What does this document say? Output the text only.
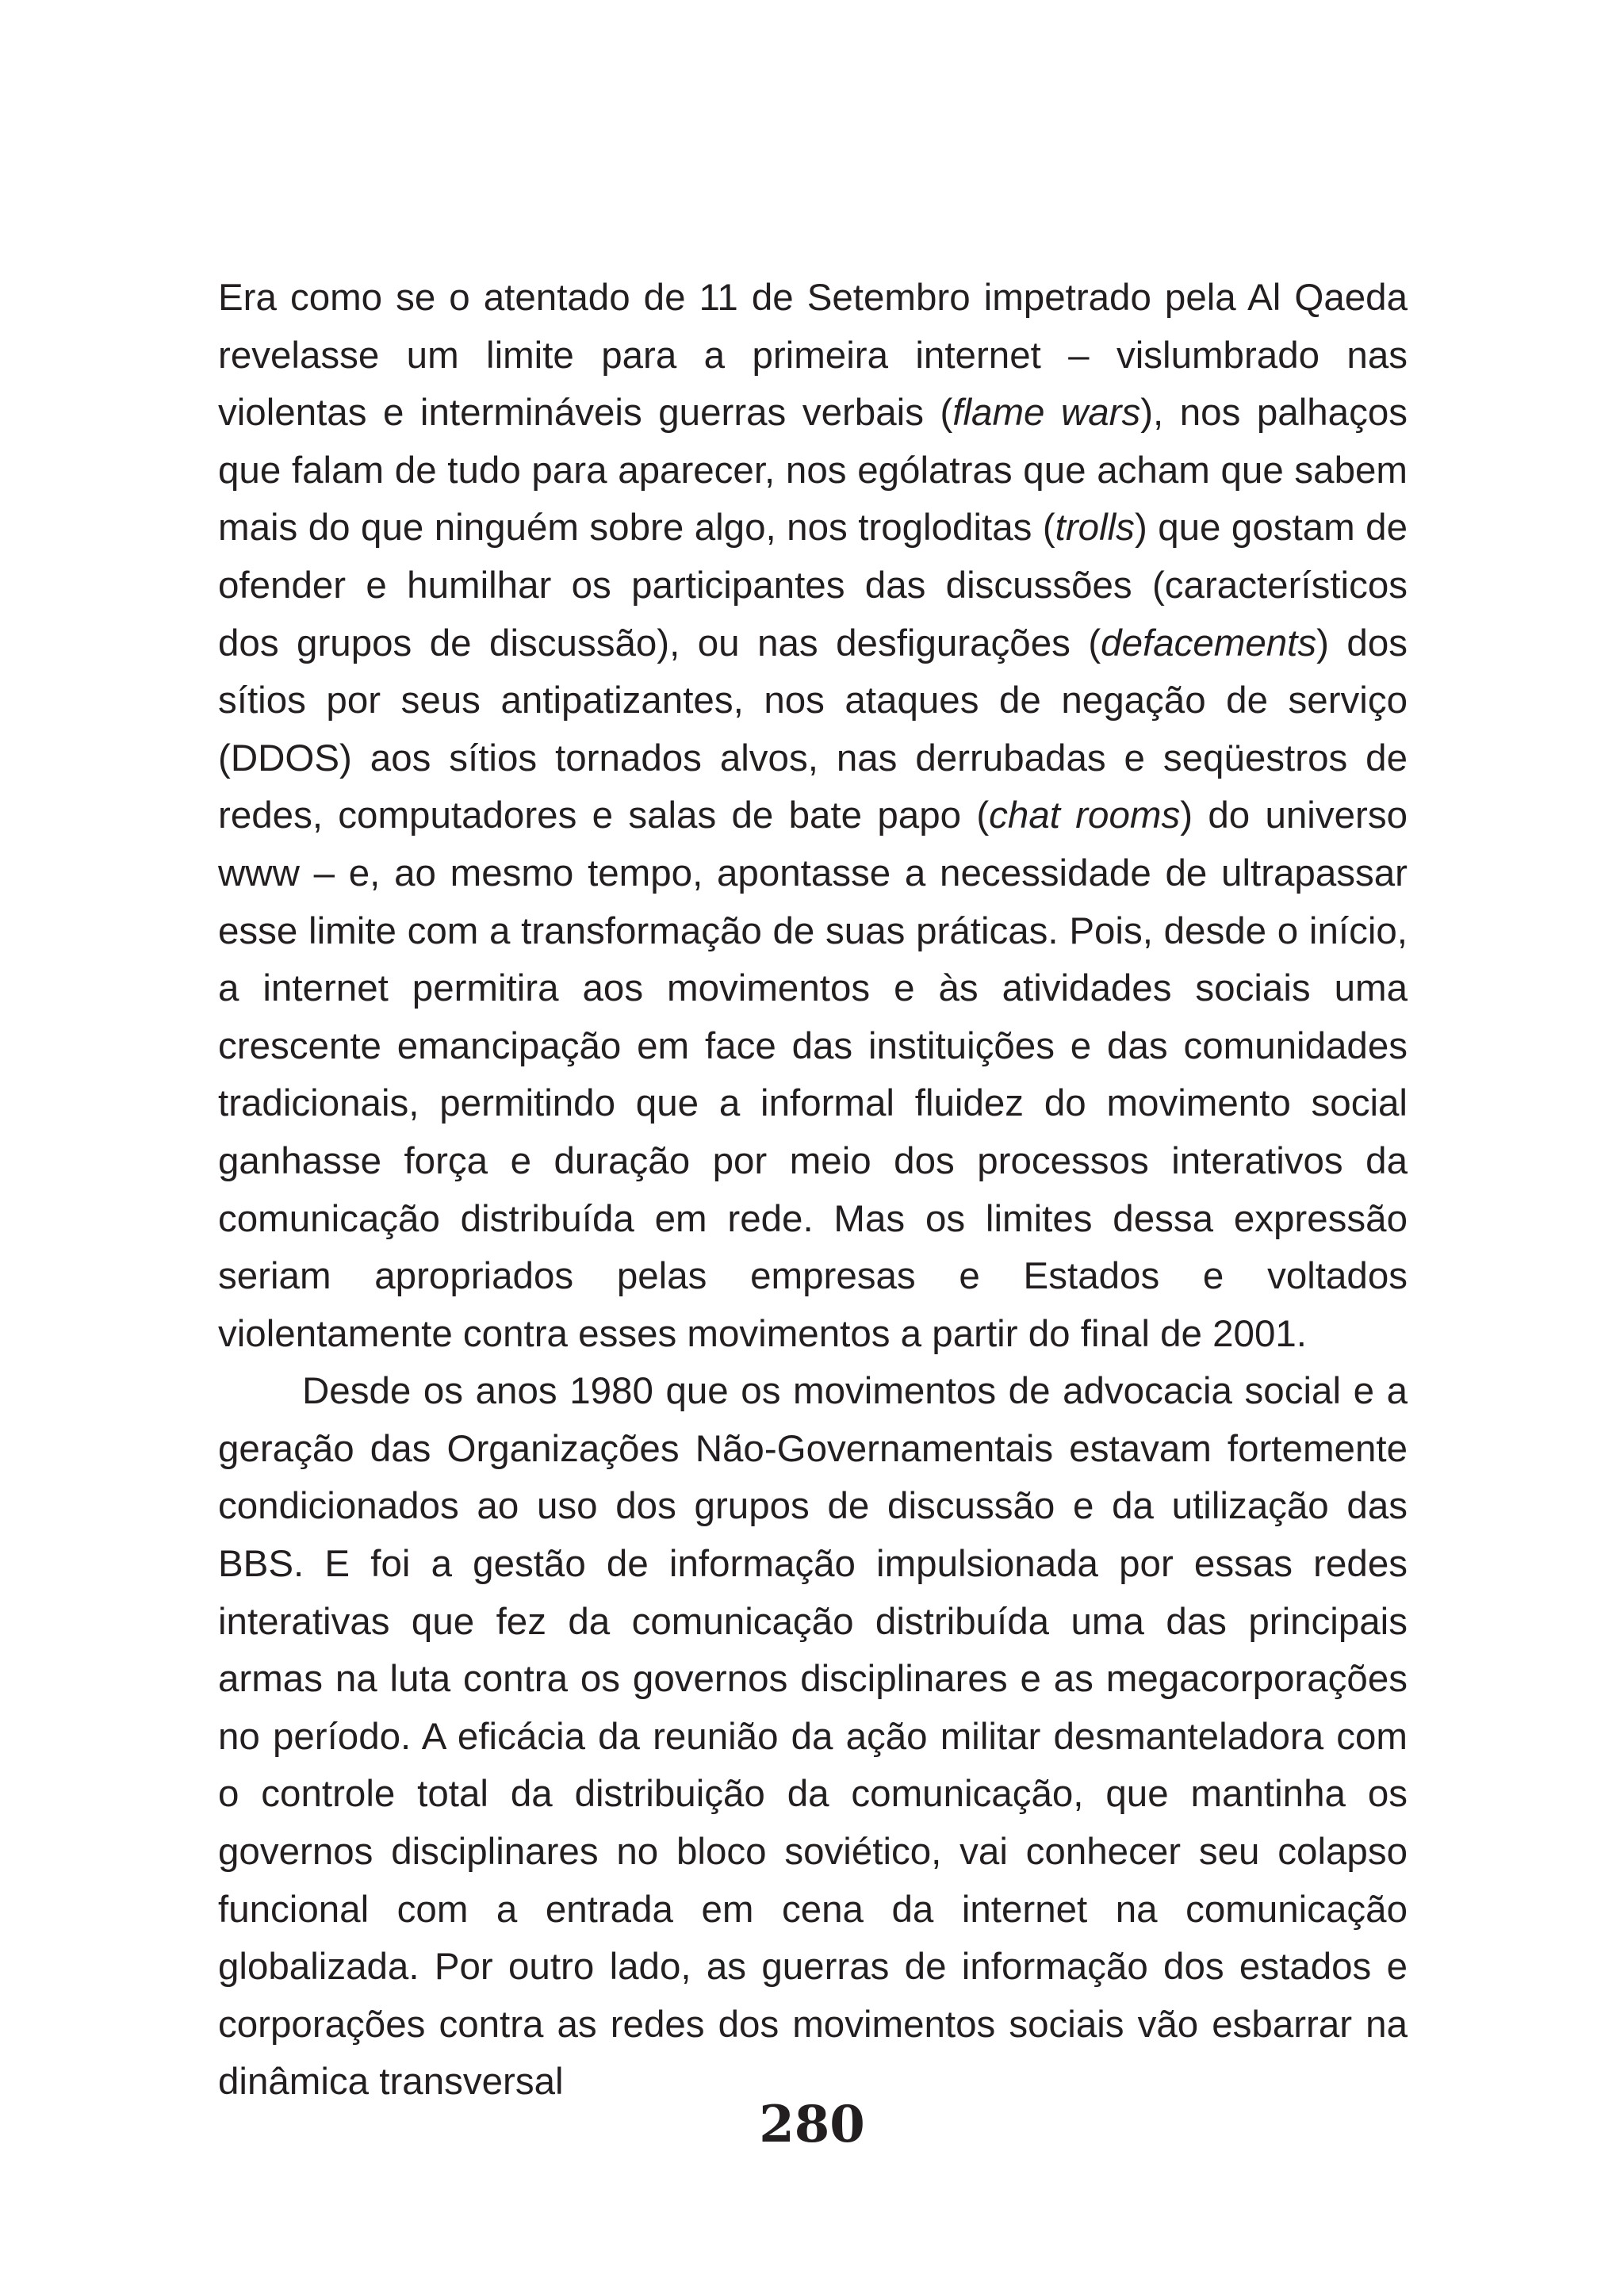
Era como se o atentado de 11 de Setembro impetrado pela Al Qaeda revelasse um limite para a primeira internet – vislumbrado nas violentas e intermináveis guerras verbais (flame wars), nos palhaços que falam de tudo para aparecer, nos ególatras que acham que sabem mais do que ninguém sobre algo, nos trogloditas (trolls) que gostam de ofender e humilhar os participantes das discussões (característicos dos grupos de discussão), ou nas desfigurações (defacements) dos sítios por seus antipatizantes, nos ataques de negação de serviço (DDOS) aos sítios tornados alvos, nas derrubadas e seqüestros de redes, computadores e salas de bate papo (chat rooms) do universo www – e, ao mesmo tempo, apontasse a necessidade de ultrapassar esse limite com a transformação de suas práticas. Pois, desde o início, a internet permitira aos movimentos e às atividades sociais uma crescente emancipação em face das instituições e das comunidades tradicionais, permitindo que a informal fluidez do movimento social ganhasse força e duração por meio dos processos interativos da comunicação distribuída em rede. Mas os limites dessa expressão seriam apropriados pelas empresas e Estados e voltados violentamente contra esses movimentos a partir do final de 2001.

Desde os anos 1980 que os movimentos de advocacia social e a geração das Organizações Não-Governamentais estavam fortemente condicionados ao uso dos grupos de discussão e da utilização das BBS. E foi a gestão de informação impulsionada por essas redes interativas que fez da comunicação distribuída uma das principais armas na luta contra os governos disciplinares e as megacorporações no período. A eficácia da reunião da ação militar desmanteladora com o controle total da distribuição da comunicação, que mantinha os governos disciplinares no bloco soviético, vai conhecer seu colapso funcional com a entrada em cena da internet na comunicação globalizada. Por outro lado, as guerras de informação dos estados e corporações contra as redes dos movimentos sociais vão esbarrar na dinâmica transversal

280
